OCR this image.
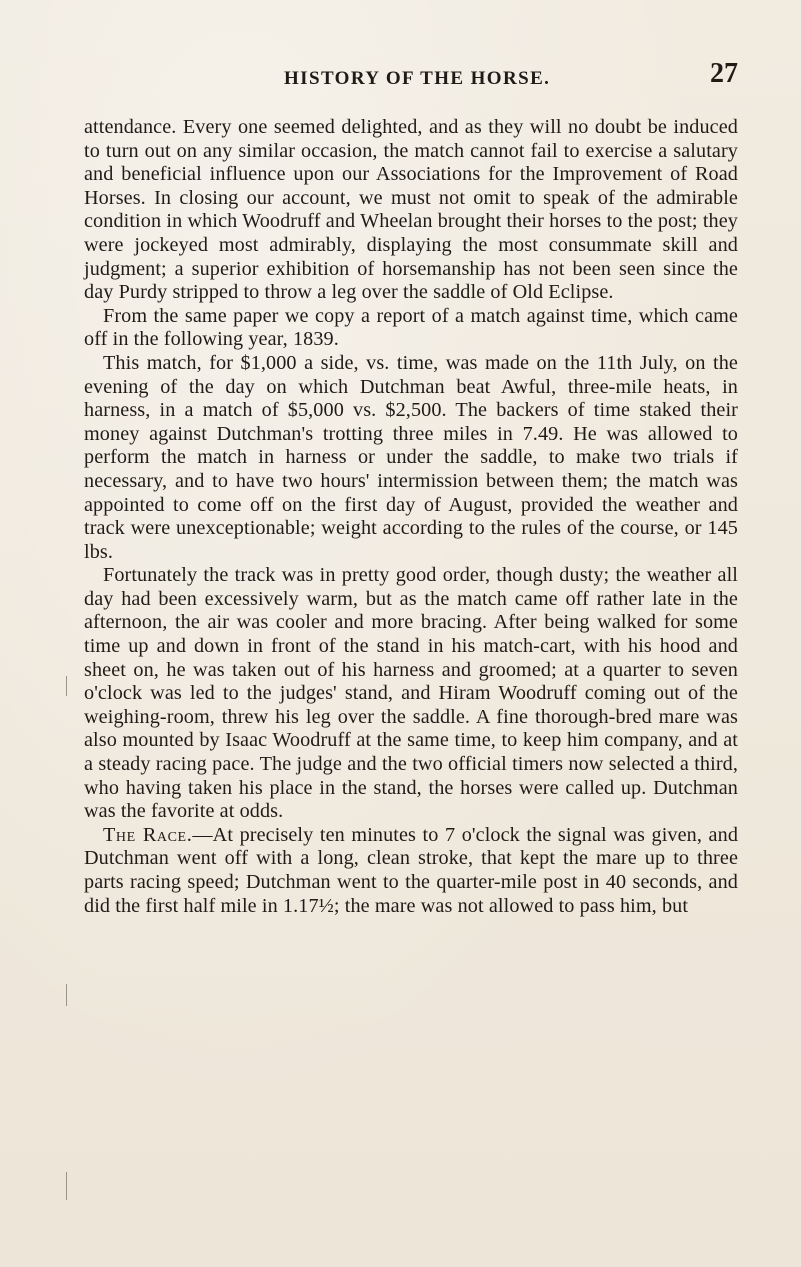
HISTORY OF THE HORSE.	27

attendance. Every one seemed delighted, and as they will no doubt be induced to turn out on any similar occasion, the match cannot fail to exercise a salutary and beneficial influence upon our Associations for the Improvement of Road Horses. In closing our account, we must not omit to speak of the admirable condition in which Woodruff and Wheelan brought their horses to the post; they were jockeyed most admirably, displaying the most consummate skill and judgment; a superior exhibition of horsemanship has not been seen since the day Purdy stripped to throw a leg over the saddle of Old Eclipse.

From the same paper we copy a report of a match against time, which came off in the following year, 1839.

This match, for $1,000 a side, vs. time, was made on the 11th July, on the evening of the day on which Dutchman beat Awful, three-mile heats, in harness, in a match of $5,000 vs. $2,500. The backers of time staked their money against Dutchman's trotting three miles in 7.49. He was allowed to perform the match in harness or under the saddle, to make two trials if necessary, and to have two hours' intermission between them; the match was appointed to come off on the first day of August, provided the weather and track were unexceptionable; weight according to the rules of the course, or 145 lbs.

Fortunately the track was in pretty good order, though dusty; the weather all day had been excessively warm, but as the match came off rather late in the afternoon, the air was cooler and more bracing. After being walked for some time up and down in front of the stand in his match-cart, with his hood and sheet on, he was taken out of his harness and groomed; at a quarter to seven o'clock was led to the judges' stand, and Hiram Woodruff coming out of the weighing-room, threw his leg over the saddle. A fine thorough-bred mare was also mounted by Isaac Woodruff at the same time, to keep him company, and at a steady racing pace. The judge and the two official timers now selected a third, who having taken his place in the stand, the horses were called up. Dutchman was the favorite at odds.

The Race.—At precisely ten minutes to 7 o'clock the signal was given, and Dutchman went off with a long, clean stroke, that kept the mare up to three parts racing speed; Dutchman went to the quarter-mile post in 40 seconds, and did the first half mile in 1.17½; the mare was not allowed to pass him, but
